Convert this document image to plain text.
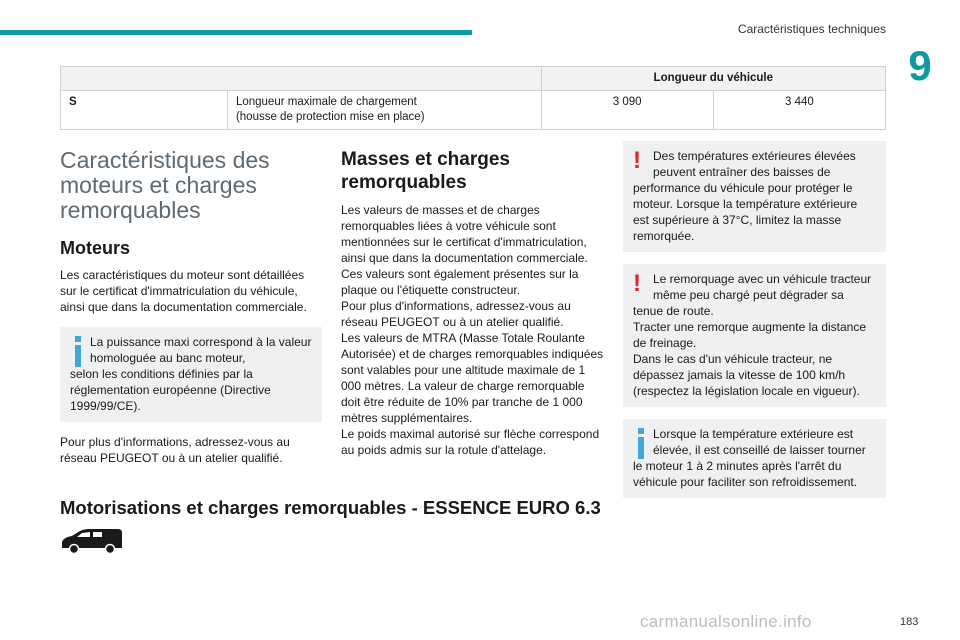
Caractéristiques techniques
9
		Longueur du véhicule	
S	Longueur maximale de chargement
(housse de protection mise en place)	3 090	3 440
Caractéristiques des moteurs et charges remorquables
Moteurs

Les caractéristiques du moteur sont détaillées sur le certificat d'immatriculation du véhicule, ainsi que dans la documentation commerciale.

La puissance maxi correspond à la valeur homologuée au banc moteur,
selon les conditions définies par la réglementation européenne (Directive 1999/99/CE).

Pour plus d'informations, adressez-vous au réseau PEUGEOT ou à un atelier qualifié.

Masses et charges remorquables

Les valeurs de masses et de charges remorquables liées à votre véhicule sont mentionnées sur le certificat d'immatriculation, ainsi que dans la documentation commerciale.
Ces valeurs sont également présentes sur la plaque ou l'étiquette constructeur.
Pour plus d'informations, adressez-vous au réseau PEUGEOT ou à un atelier qualifié.
Les valeurs de MTRA (Masse Totale Roulante Autorisée) et de charges remorquables indiquées sont valables pour une altitude maximale de 1 000 mètres. La valeur de charge remorquable doit être réduite de 10% par tranche de 1 000 mètres supplémentaires.
Le poids maximal autorisé sur flèche correspond au poids admis sur la rotule d'attelage.

!	Des températures extérieures élevées peuvent entraîner des baisses de
performance du véhicule pour protéger le moteur. Lorsque la température extérieure est supérieure à 37°C, limitez la masse remorquée.
!	Le remorquage avec un véhicule tracteur même peu chargé peut dégrader sa
tenue de route.
Tracter une remorque augmente la distance de freinage.
Dans le cas d'un véhicule tracteur, ne dépassez jamais la vitesse de 100 km/h (respectez la législation locale en vigueur).
Lorsque la température extérieure est élevée, il est conseillé de laisser tourner
le moteur 1 à 2 minutes après l'arrêt du véhicule pour faciliter son refroidissement.
Motorisations et charges remorquables - ESSENCE EURO 6.3
carmanualsonline.info	183
